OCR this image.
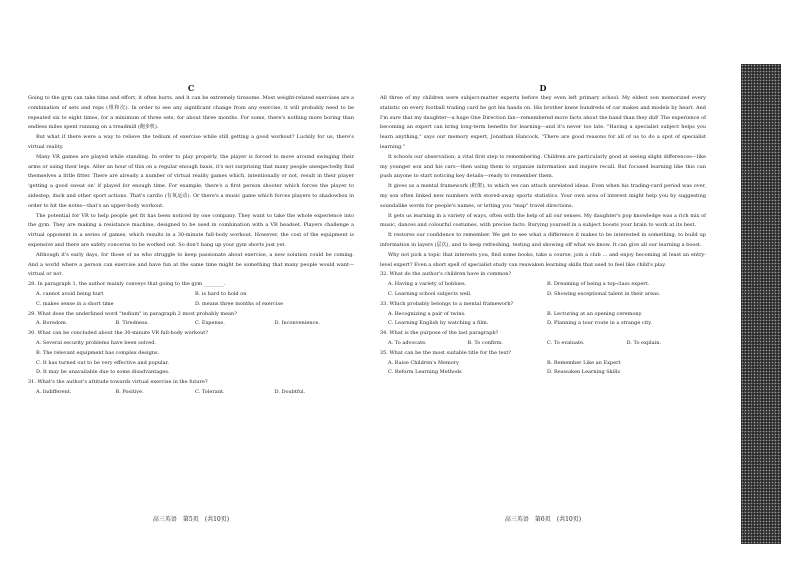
C

Going to the gym can take time and effort, it often hurts, and it can be extremely tiresome. Most weight-related exercises are a combination of sets and reps (组和次). In order to see any significant change from any exercise, it will probably need to be repeated six to eight times, for a minimum of three sets, for about three months. For some, there's nothing more boring than endless miles spent running on a treadmill (跑步机).

But what if there were a way to relieve the tedium of exercise while still getting a good workout? Luckily for us, there's virtual reality.

Many VR games are played while standing. In order to play properly, the player is forced to move around swinging their arms or using their legs. Alter an hour of this on a regular enough basis, it's not surprising that many people unexpectedly find themselves a little fitter. There are already a number of virtual reality games which, intentionally or not, result in their player 'getting a good sweat on' if played for enough time. For example, there's a first person shooter which forces the player to sidestep, duck and other sport actions. That's cardio (有氧运动). Or there's a music game which forces players to shadowbox in order to hit the notes—that's an upper-body workout.

The potential for VR to help people get fit has been noticed by one company. They want to take the whole experience into the gym. They are making a resistance machine, designed to be used in combination with a VR headset. Players challenge a virtual opponent in a series of games, which results in a 30-minute full-body workout. However, the cost of the equipment is expensive and there are safety concerns to be worked out. So don't hang up your gym shorts just yet.

Although it's early days, for those of us who struggle to keep passionate about exercise, a new solution could be coming. And a world where a person can exercise and have fun at the same time might be something that many people would want—virtual or not.

28. In paragraph 1, the author mainly conveys that going to the gym ________.

A. cannot avoid being hurt	B. is hard to hold on
C. makes sense in a short time	D. means three months of exercise

29. What does the underlined word "tedium" in paragraph 2 most probably mean?

A. Boredom.	B. Tiredness.	C. Expense.	D. Inconvenience.

30. What can be concluded about the 30-minute VR full-body workout?

A. Several security problems have been solved.
B. The relevant equipment has complex designs.
C. It has turned out to be very effective and popular.
D. It may be unavailable due to some disadvantages.

31. What's the author's attitude towards virtual exercise in the future?

A. Indifferent.	B. Positive.	C. Tolerant.	D. Doubtful.
D

All three of my children were subject-matter experts before they even left primary school. My eldest son memorized every statistic on every football trading card he got his hands on. His brother knew hundreds of car makes and models by heart. And I'm sure that my daughter—a huge One Direction fan—remembered more facts about the band than they did! The experience of becoming an expert can bring long-term benefits for learning—and it's never too late. "Having a specialist subject helps you learn anything," says our memory expert, Jonathan Hancock, "There are good reasons for all of us to do a spot of specialist learning."

It schools our observation; a vital first step to remembering. Children are particularly good at seeing slight differences—like my younger son and his cars—then using them to organize information and inspire recall. But focused learning like this can push anyone to start noticing key details—ready to remember them.

It gives us a mental framework (框架), to which we can attach unrelated ideas. Even when his trading-card period was over, my son often linked new numbers with stored-away sports statistics. Your own area of interest might help you by suggesting soundalike words for people's names, or letting you "map" travel directions.

It gets us learning in a variety of ways, often with the help of all our senses. My daughter's pop knowledge was a rich mix of music, dances and colourful costumes, with precise facts. Burying yourself in a subject boosts your brain to work at its best.

It restores our confidence to remember. We get to see what a difference it makes to be interested in something, to build up information in layers (层次), and to keep refreshing, testing and showing off what we know. It can give all our learning a boost.

Why not pick a topic that interests you, find some books, take a course, join a club ... and enjoy becoming at least an entry-level expert? Even a short spell of specialist study can reawaken learning skills that used to feel like child's play.

32. What do the author's children have in common?

A. Having a variety of hobbies.	B. Dreaming of being a top-class expert.
C. Learning school subjects well.	D. Showing exceptional talent in their areas.

33. Which probably belongs to a mental framework?

A. Recognizing a pair of twins.	B. Lecturing at an opening ceremony.
C. Learning English by watching a film.	D. Planning a tour route in a strange city.

34. What is the purpose of the last paragraph?

A. To advocate.	B. To confirm.	C. To evaluate.	D. To explain.

35. What can be the most suitable title for the text?

A. Raise Children's Memory	B. Remember Like an Expert
C. Reform Learning Methods	D. Reawaken Learning Skills
高三英语　第5页　(共10页)	高三英语　第6页　(共10页)
